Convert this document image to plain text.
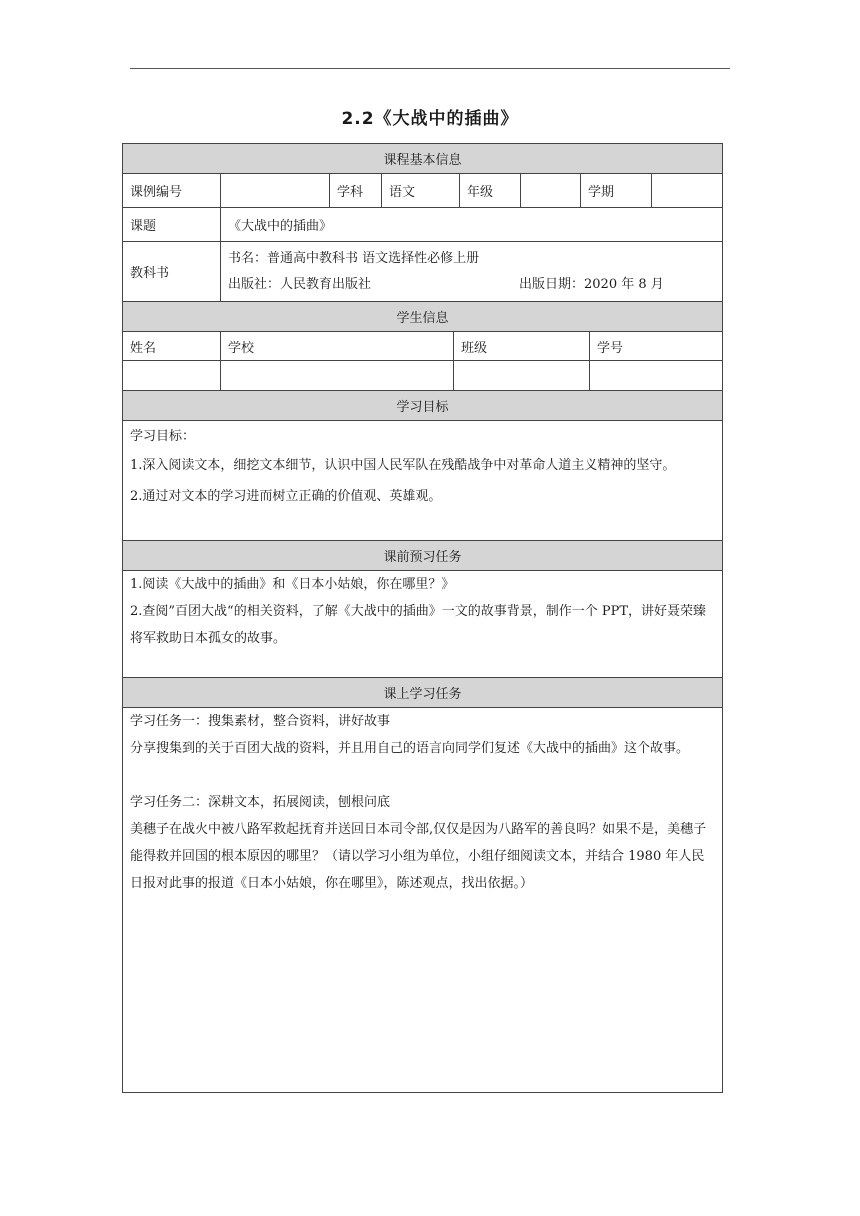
2.2《大战中的插曲》
课程基本信息									
课例编号		学科	语文		年级		学期		
课题	《大战中的插曲》								
教科书	书名：普通高中教科书 语文选择性必修上册
出版社：人民教育出版社 出版日期：2020 年 8 月								

学生信息									
姓名	学校			班级				学号	

学习目标									

学习目标：
1.深入阅读文本，细挖文本细节，认识中国人民军队在残酷战争中对革命人道主义精神的坚守。
2.通过对文本的学习进而树立正确的价值观、英雄观。									

课前预习任务									

1.阅读《大战中的插曲》和《日本小姑娘，你在哪里？》
2.查阅”百团大战“的相关资料，了解《大战中的插曲》一文的故事背景，制作一个 PPT，讲好聂荣臻将军救助日本孤女的故事。									

课上学习任务									

学习任务一：搜集素材，整合资料，讲好故事
分享搜集到的关于百团大战的资料，并且用自己的语言向同学们复述《大战中的插曲》这个故事。
学习任务二：深耕文本，拓展阅读，刨根问底
美穗子在战火中被八路军救起抚育并送回日本司令部,仅仅是因为八路军的善良吗？如果不是，美穗子能得救并回国的根本原因的哪里？（请以学习小组为单位，小组仔细阅读文本，并结合 1980 年人民日报对此事的报道《日本小姑娘，你在哪里》，陈述观点，找出依据。）									
